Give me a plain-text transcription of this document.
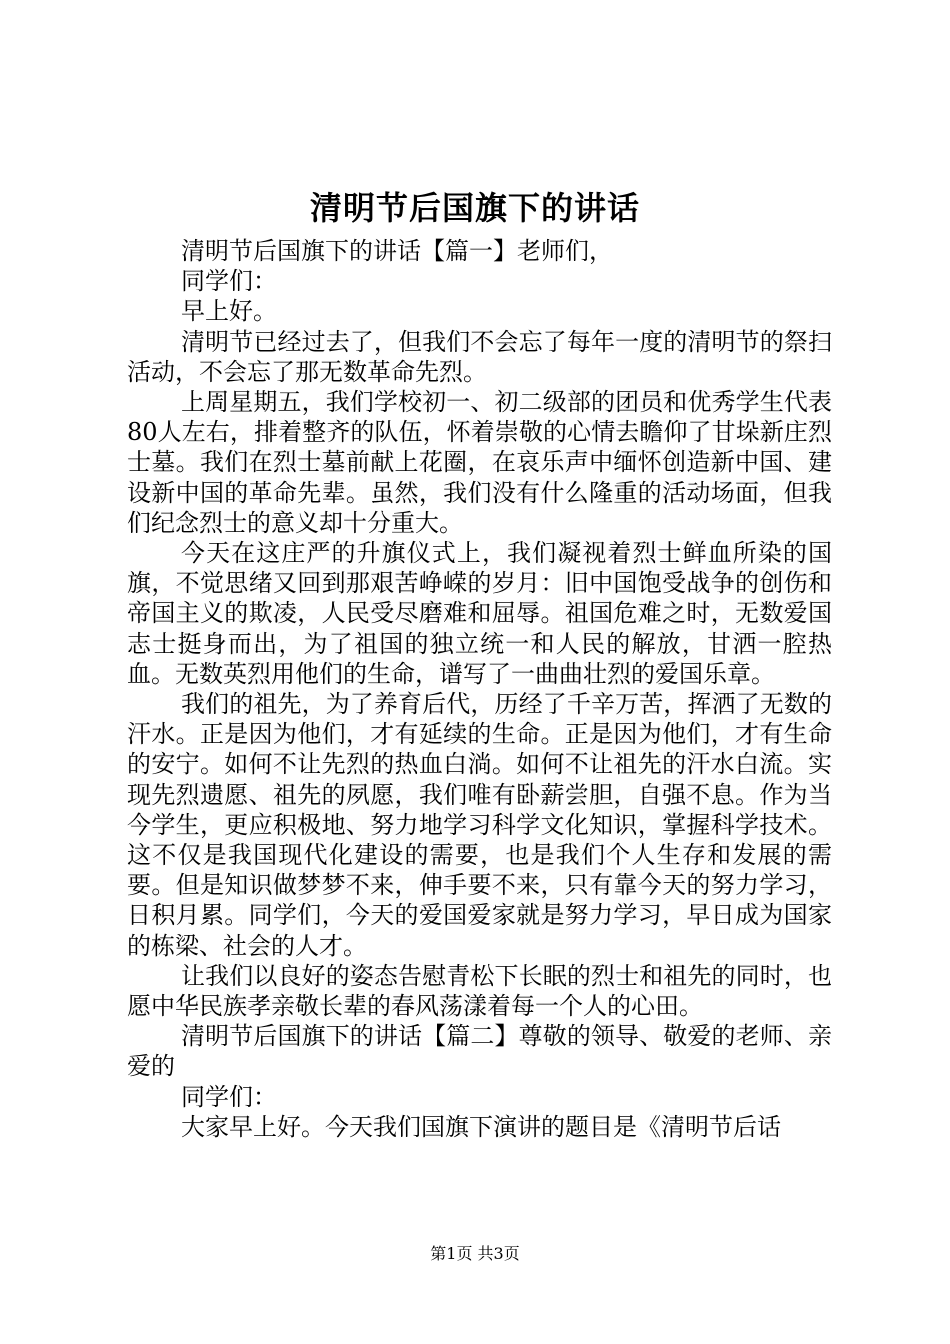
清明节后国旗下的讲话

清明节后国旗下的讲话【篇一】老师们，

同学们：

早上好。

清明节已经过去了，但我们不会忘了每年一度的清明节的祭扫活动，不会忘了那无数革命先烈。

上周星期五，我们学校初一、初二级部的团员和优秀学生代表80人左右，排着整齐的队伍，怀着崇敬的心情去瞻仰了甘垛新庄烈士墓。我们在烈士墓前献上花圈，在哀乐声中缅怀创造新中国、建设新中国的革命先辈。虽然，我们没有什么隆重的活动场面，但我们纪念烈士的意义却十分重大。

今天在这庄严的升旗仪式上，我们凝视着烈士鲜血所染的国旗，不觉思绪又回到那艰苦峥嵘的岁月：旧中国饱受战争的创伤和帝国主义的欺凌，人民受尽磨难和屈辱。祖国危难之时，无数爱国志士挺身而出，为了祖国的独立统一和人民的解放，甘洒一腔热血。无数英烈用他们的生命，谱写了一曲曲壮烈的爱国乐章。

我们的祖先，为了养育后代，历经了千辛万苦，挥洒了无数的汗水。正是因为他们，才有延续的生命。正是因为他们，才有生命的安宁。如何不让先烈的热血白淌。如何不让祖先的汗水白流。实现先烈遗愿、祖先的夙愿，我们唯有卧薪尝胆，自强不息。作为当今学生，更应积极地、努力地学习科学文化知识，掌握科学技术。这不仅是我国现代化建设的需要，也是我们个人生存和发展的需要。但是知识做梦梦不来，伸手要不来，只有靠今天的努力学习，日积月累。同学们，今天的爱国爱家就是努力学习，早日成为国家的栋梁、社会的人才。

让我们以良好的姿态告慰青松下长眠的烈士和祖先的同时，也愿中华民族孝亲敬长辈的春风荡漾着每一个人的心田。

清明节后国旗下的讲话【篇二】尊敬的领导、敬爱的老师、亲爱的

同学们：

大家早上好。今天我们国旗下演讲的题目是《清明节后话

第1页 共3页
